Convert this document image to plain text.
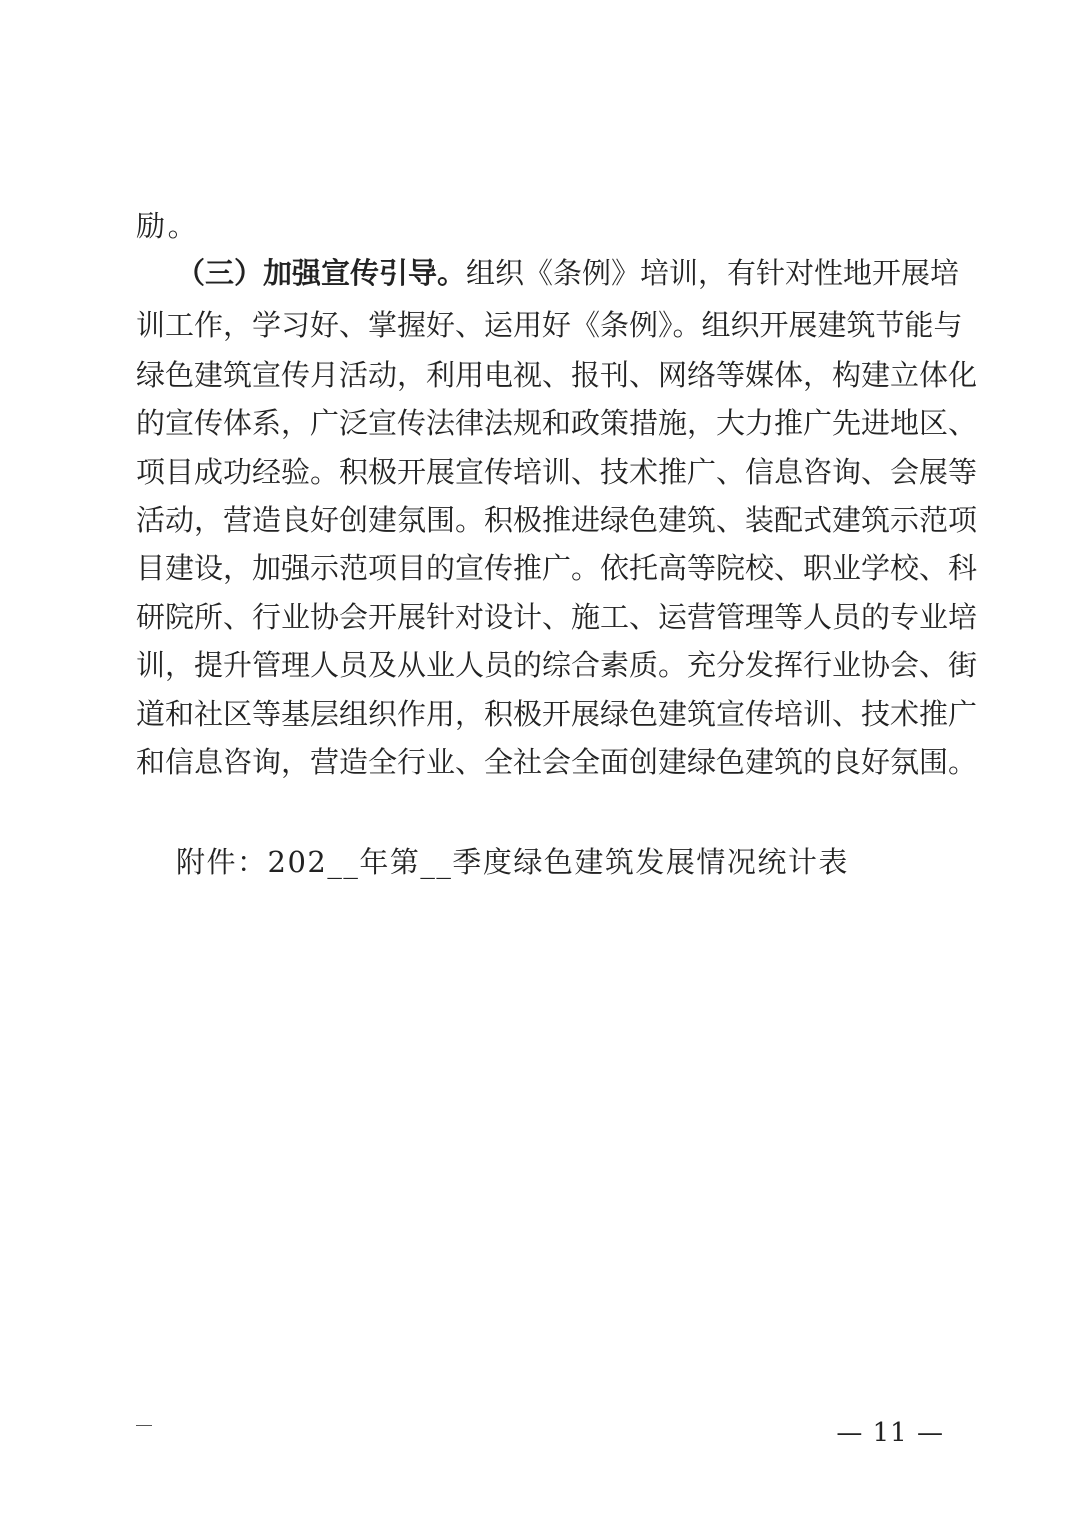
励。
（三）加强宣传引导。组织《条例》培训，有针对性地开展培
训工作，学习好、掌握好、运用好《条例》。组织开展建筑节能与
绿色建筑宣传月活动，利用电视、报刊、网络等媒体，构建立体化
的宣传体系，广泛宣传法律法规和政策措施，大力推广先进地区、
项目成功经验。积极开展宣传培训、技术推广、信息咨询、会展等
活动，营造良好创建氛围。积极推进绿色建筑、装配式建筑示范项
目建设，加强示范项目的宣传推广。依托高等院校、职业学校、科
研院所、行业协会开展针对设计、施工、运营管理等人员的专业培
训，提升管理人员及从业人员的综合素质。充分发挥行业协会、街
道和社区等基层组织作用，积极开展绿色建筑宣传培训、技术推广
和信息咨询，营造全行业、全社会全面创建绿色建筑的良好氛围。
附件：202__年第__季度绿色建筑发展情况统计表
— 11 —
